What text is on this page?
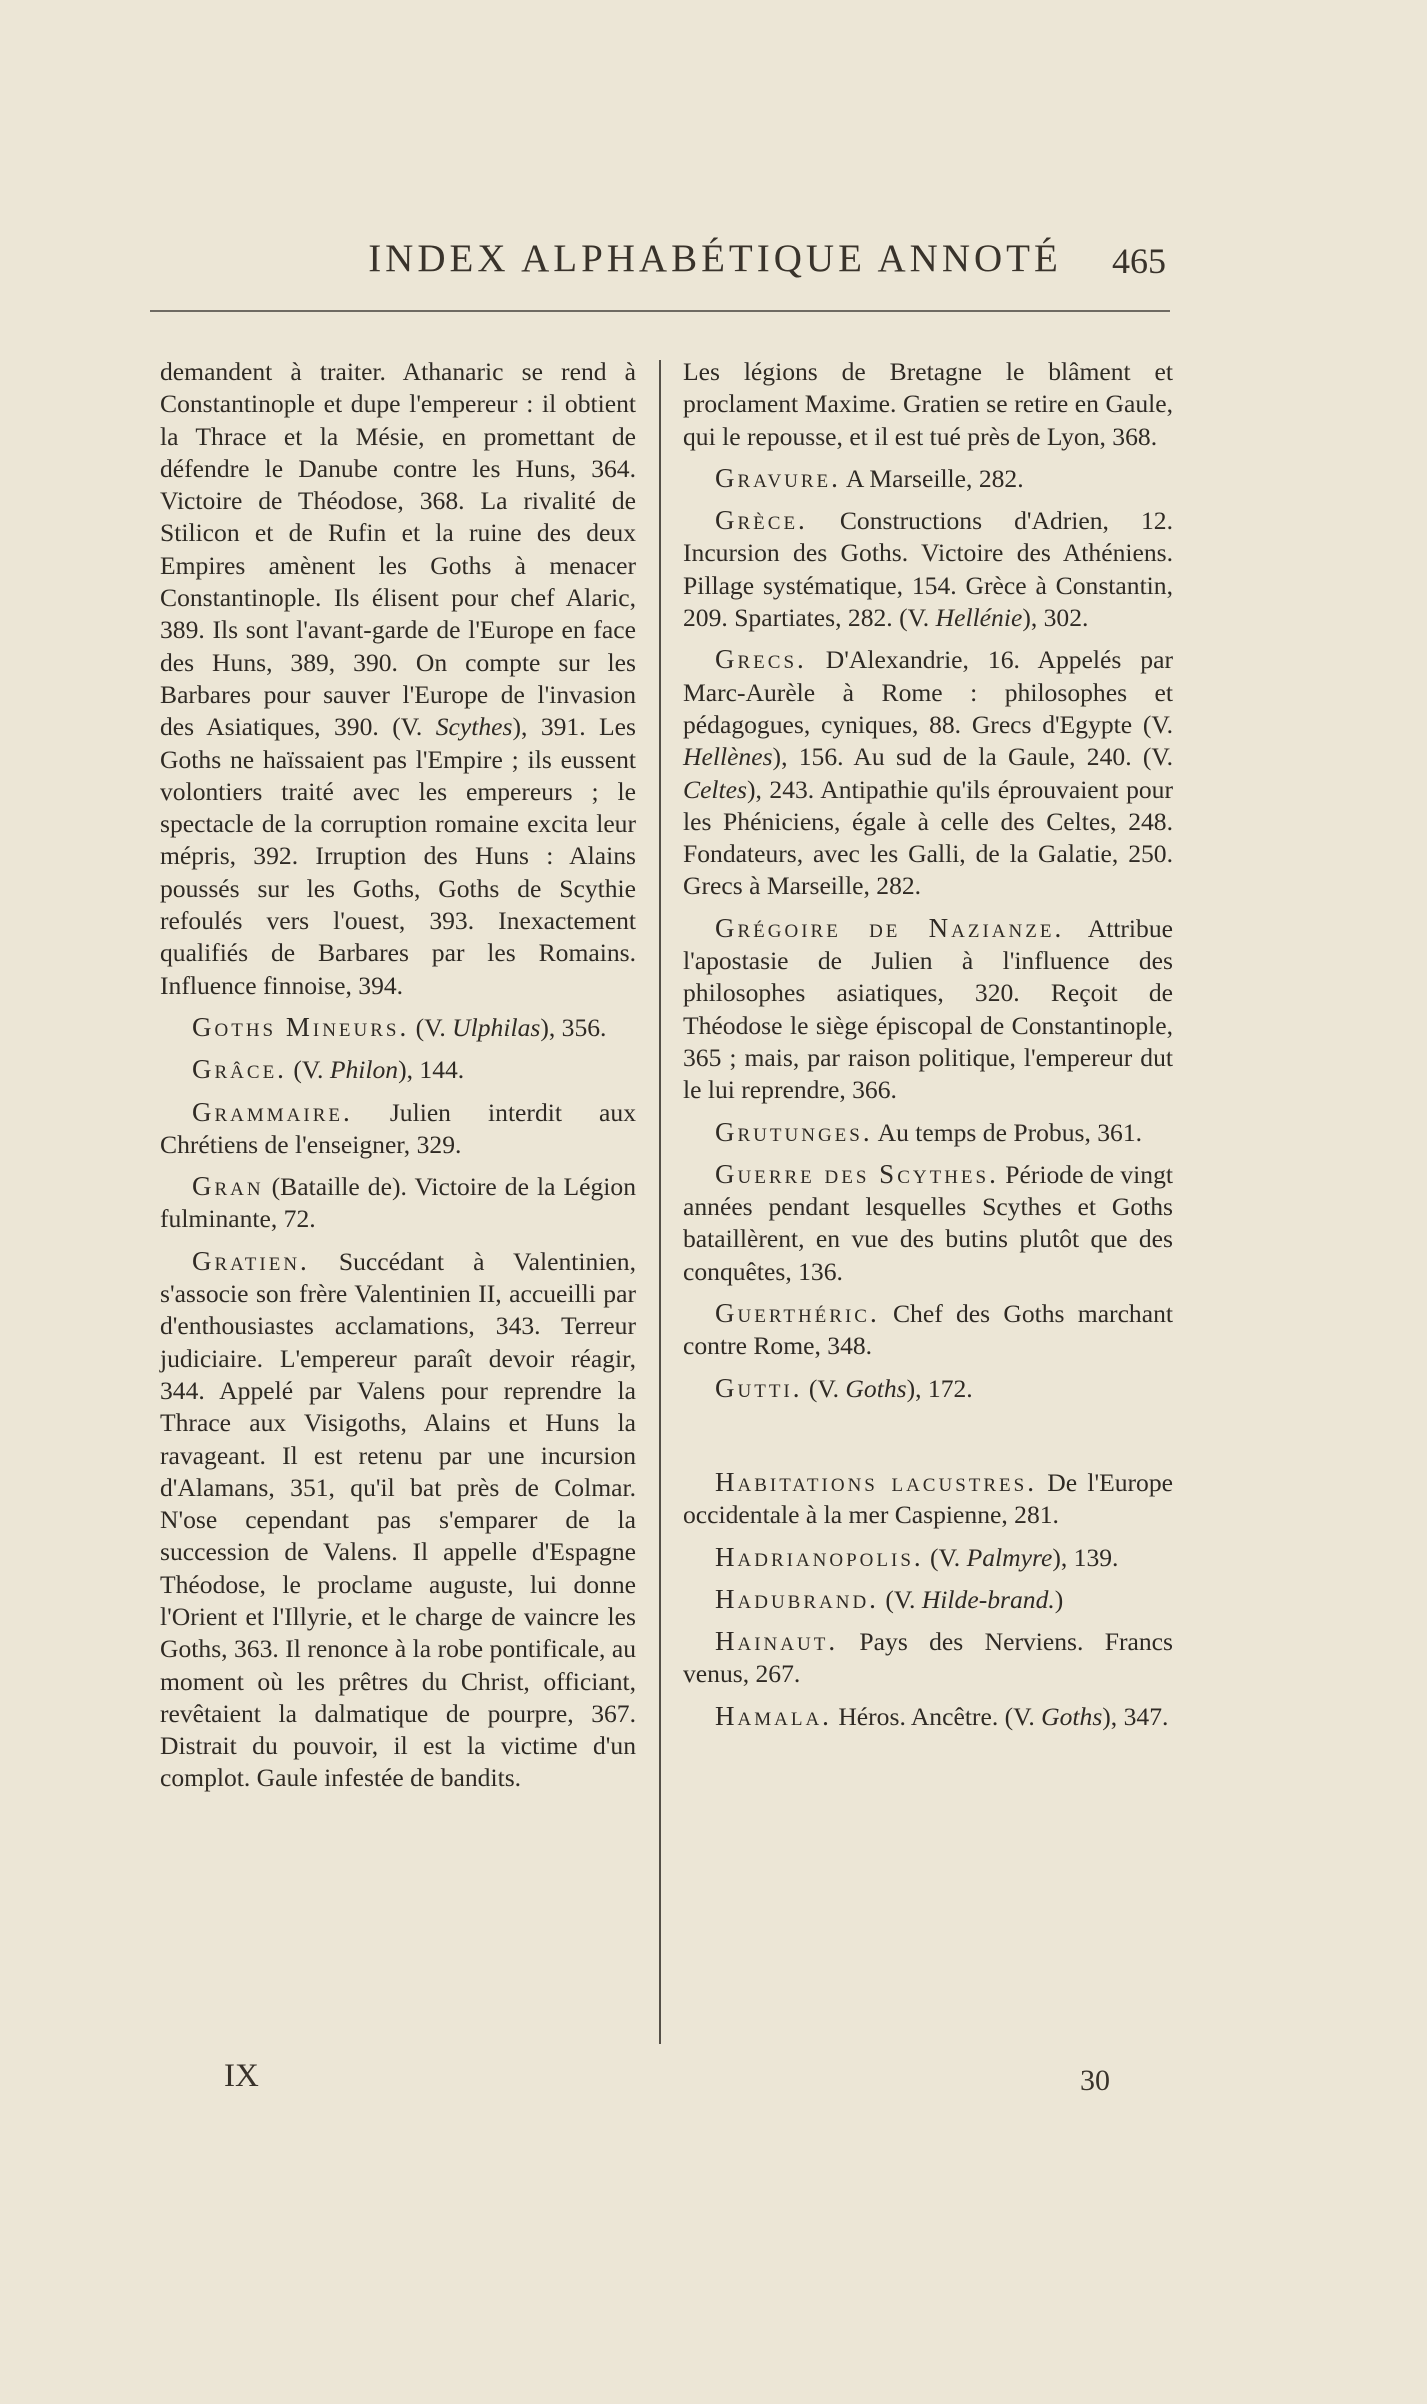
INDEX ALPHABÉTIQUE ANNOTÉ	465

demandent à traiter. Athanaric se rend à Constantinople et dupe l'empereur : il obtient la Thrace et la Mésie, en promettant de défendre le Danube contre les Huns, 364. Victoire de Théodose, 368. La rivalité de Stilicon et de Rufin et la ruine des deux Empires amènent les Goths à menacer Constantinople. Ils élisent pour chef Alaric, 389. Ils sont l'avant-garde de l'Europe en face des Huns, 389, 390. On compte sur les Barbares pour sauver l'Europe de l'invasion des Asiatiques, 390. (V. Scythes), 391. Les Goths ne haïssaient pas l'Empire ; ils eussent volontiers traité avec les empereurs ; le spectacle de la corruption romaine excita leur mépris, 392. Irruption des Huns : Alains poussés sur les Goths, Goths de Scythie refoulés vers l'ouest, 393. Inexactement qualifiés de Barbares par les Romains. Influence finnoise, 394.

Goths Mineurs. (V. Ulphilas), 356.

Grâce. (V. Philon), 144.

Grammaire. Julien interdit aux Chrétiens de l'enseigner, 329.

Gran (Bataille de). Victoire de la Légion fulminante, 72.

Gratien. Succédant à Valentinien, s'associe son frère Valentinien II, accueilli par d'enthousiastes acclamations, 343. Terreur judiciaire. L'empereur paraît devoir réagir, 344. Appelé par Valens pour reprendre la Thrace aux Visigoths, Alains et Huns la ravageant. Il est retenu par une incursion d'Alamans, 351, qu'il bat près de Colmar. N'ose cependant pas s'emparer de la succession de Valens. Il appelle d'Espagne Théodose, le proclame auguste, lui donne l'Orient et l'Illyrie, et le charge de vaincre les Goths, 363. Il renonce à la robe pontificale, au moment où les prêtres du Christ, officiant, revêtaient la dalmatique de pourpre, 367. Distrait du pouvoir, il est la victime d'un complot. Gaule infestée de bandits.

Les légions de Bretagne le blâment et proclament Maxime. Gratien se retire en Gaule, qui le repousse, et il est tué près de Lyon, 368.

Gravure. A Marseille, 282.

Grèce. Constructions d'Adrien, 12. Incursion des Goths. Victoire des Athéniens. Pillage systématique, 154. Grèce à Constantin, 209. Spartiates, 282. (V. Hellénie), 302.

Grecs. D'Alexandrie, 16. Appelés par Marc-Aurèle à Rome : philosophes et pédagogues, cyniques, 88. Grecs d'Egypte (V. Hellènes), 156. Au sud de la Gaule, 240. (V. Celtes), 243. Antipathie qu'ils éprouvaient pour les Phéniciens, égale à celle des Celtes, 248. Fondateurs, avec les Galli, de la Galatie, 250. Grecs à Marseille, 282.

Grégoire de Nazianze. Attribue l'apostasie de Julien à l'influence des philosophes asiatiques, 320. Reçoit de Théodose le siège épiscopal de Constantinople, 365 ; mais, par raison politique, l'empereur dut le lui reprendre, 366.

Grutunges. Au temps de Probus, 361.

Guerre des Scythes. Période de vingt années pendant lesquelles Scythes et Goths bataillèrent, en vue des butins plutôt que des conquêtes, 136.

Guerthéric. Chef des Goths marchant contre Rome, 348.

Gutti. (V. Goths), 172.

Habitations lacustres. De l'Europe occidentale à la mer Caspienne, 281.

Hadrianopolis. (V. Palmyre), 139.

Hadubrand. (V. Hilde-brand.)

Hainaut. Pays des Nerviens. Francs venus, 267.

Hamala. Héros. Ancêtre. (V. Goths), 347.

IX	30
